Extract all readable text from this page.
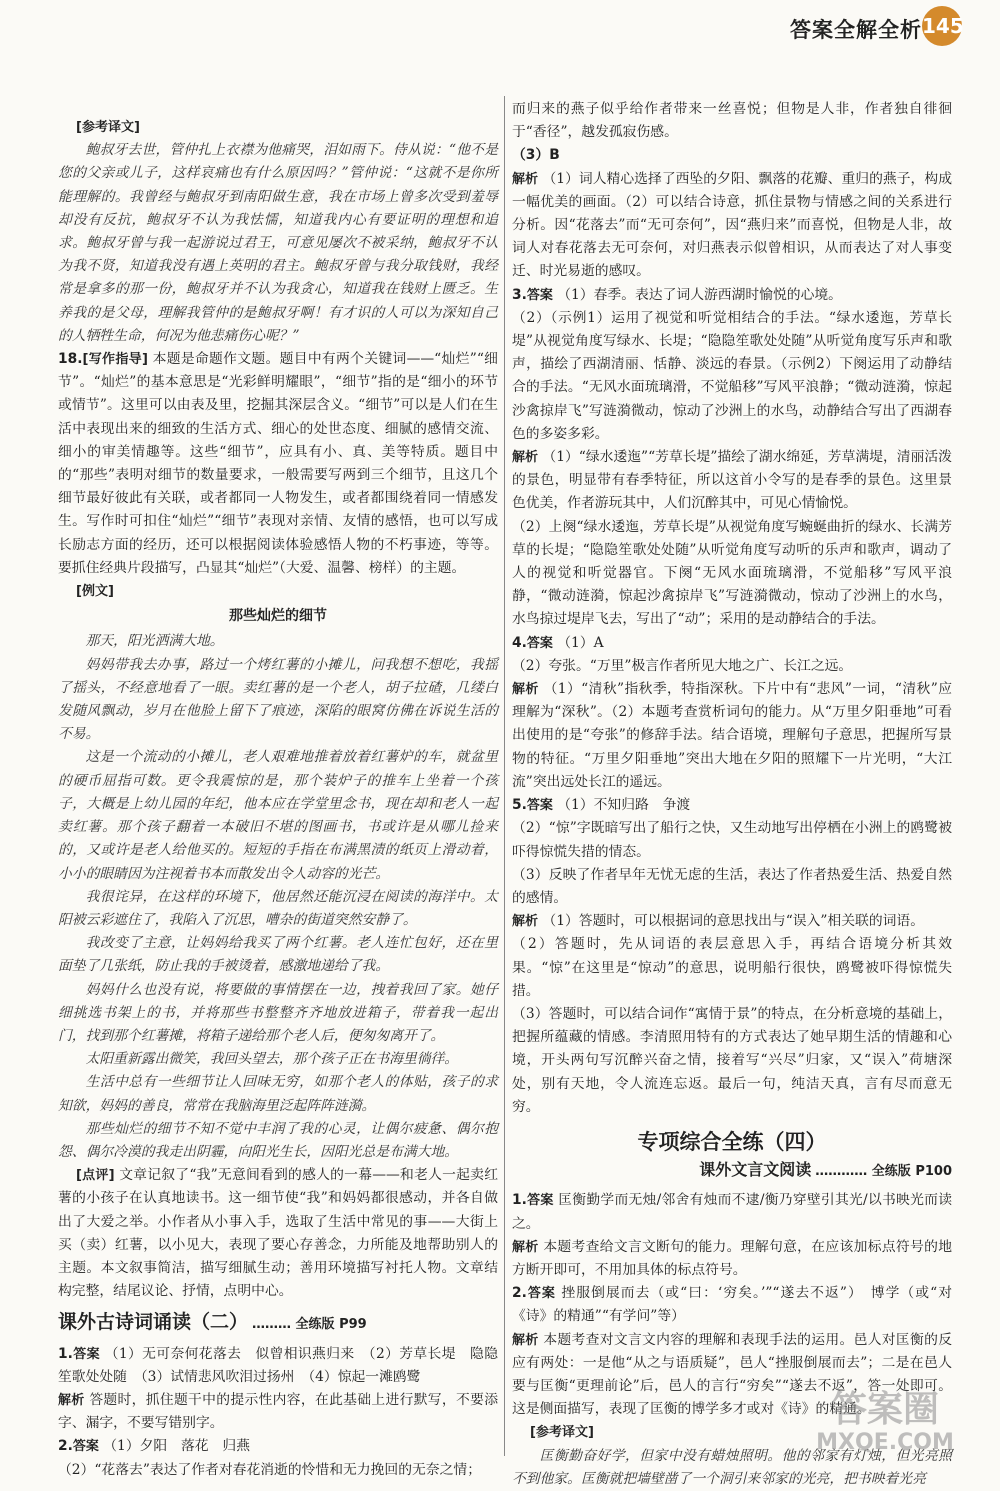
答案全解全析 145

[参考译文]

鲍叔牙去世，管仲扎上衣襟为他痛哭，泪如雨下。侍从说：“他不是您的父亲或儿子，这样哀痛也有什么原因吗？”管仲说：“这就不是你所能理解的。我曾经与鲍叔牙到南阳做生意，我在市场上曾多次受到羞辱却没有反抗，鲍叔牙不认为我怯懦，知道我内心有要证明的理想和追求。鲍叔牙曾与我一起游说过君王，可意见屡次不被采纳，鲍叔牙不认为我不贤，知道我没有遇上英明的君主。鲍叔牙曾与我分取钱财，我经常是拿多的那一份，鲍叔牙并不认为我贪心，知道我在钱财上匮乏。生养我的是父母，理解我管仲的是鲍叔牙啊！有才识的人可以为深知自己的人牺牲生命，何况为他悲痛伤心呢？”

18.[写作指导] 本题是命题作文题。题目中有两个关键词——“灿烂”“细节”。“灿烂”的基本意思是“光彩鲜明耀眼”，“细节”指的是“细小的环节或情节”。这里可以由表及里，挖掘其深层含义。“细节”可以是人们在生活中表现出来的细致的生活方式、细心的处世态度、细腻的感情交流、细小的审美情趣等。这些“细节”，应具有小、真、美等特质。题目中的“那些”表明对细节的数量要求，一般需要写两到三个细节，且这几个细节最好彼此有关联，或者都同一人物发生，或者都围绕着同一情感发生。写作时可扣住“灿烂”“细节”表现对亲情、友情的感悟，也可以写成长励志方面的经历，还可以根据阅读体验感悟人物的不朽事迹，等等。要抓住经典片段描写，凸显其“灿烂”（大爱、温馨、榜样）的主题。

[例文]

那些灿烂的细节

那天，阳光洒满大地。

妈妈带我去办事，路过一个烤红薯的小摊儿，问我想不想吃，我摇了摇头，不经意地看了一眼。卖红薯的是一个老人，胡子拉碴，几缕白发随风飘动，岁月在他脸上留下了痕迹，深陷的眼窝仿佛在诉说生活的不易。

这是一个流动的小摊儿，老人艰难地推着放着红薯炉的车，就盆里的硬币屈指可数。更令我震惊的是，那个装炉子的推车上坐着一个孩子，大概是上幼儿园的年纪，他本应在学堂里念书，现在却和老人一起卖红薯。那个孩子翻着一本破旧不堪的图画书，书或许是从哪儿捡来的，又或许是老人给他买的。短短的手指在布满黑渍的纸页上滑动着，小小的眼睛因为注视着书本而散发出令人动容的光芒。

我很诧异，在这样的环境下，他居然还能沉浸在阅读的海洋中。太阳被云彩遮住了，我陷入了沉思，嘈杂的街道突然安静了。

我改变了主意，让妈妈给我买了两个红薯。老人连忙包好，还在里面垫了几张纸，防止我的手被烫着，感激地递给了我。

妈妈什么也没有说，将要做的事情摆在一边，拽着我回了家。她仔细挑选书架上的书，并将那些书整整齐齐地放进箱子，带着我一起出门，找到那个红薯摊，将箱子递给那个老人后，便匆匆离开了。

太阳重新露出微笑，我回头望去，那个孩子正在书海里徜徉。

生活中总有一些细节让人回味无穷，如那个老人的体贴，孩子的求知欲，妈妈的善良，常常在我脑海里泛起阵阵涟漪。

那些灿烂的细节不知不觉中丰润了我的心灵，让偶尔疲惫、偶尔抱怨、偶尔冷漠的我走出阴霾，向阳光生长，因阳光总是布满大地。

[点评] 文章记叙了“我”无意间看到的感人的一幕——和老人一起卖红薯的小孩子在认真地读书。这一细节使“我”和妈妈都很感动，并各自做出了大爱之举。小作者从小事入手，选取了生活中常见的事——大街上买（卖）红薯，以小见大，表现了要心存善念，力所能及地帮助别人的主题。本文叙事简洁，描写细腻生动；善用环境描写衬托人物。文章结构完整，结尾议论、抒情，点明中心。

课外古诗词诵读（二） ……… 全练版 P99

1.答案 （1）无可奈何花落去　似曾相识燕归来　（2）芳草长堤　隐隐笙歌处处随　（3）试情悲风吹泪过扬州　（4）惊起一滩鸥鹭

解析 答题时，抓住题干中的提示性内容，在此基础上进行默写，不要添字、漏字，不要写错别字。

2.答案 （1）夕阳　落花　归燕

（2）“花落去”表达了作者对春花消逝的怜惜和无力挽回的无奈之情；

而归来的燕子似乎给作者带来一丝喜悦；但物是人非，作者独自徘徊于“香径”，越发孤寂伤感。

（3）B

解析 （1）词人精心选择了西坠的夕阳、飘落的花瓣、重归的燕子，构成一幅优美的画面。（2）可以结合诗意，抓住景物与情感之间的关系进行分析。因“花落去”而“无可奈何”，因“燕归来”而喜悦，但物是人非，故词人对春花落去无可奈何，对归燕表示似曾相识，从而表达了对人事变迁、时光易逝的感叹。

3.答案 （1）春季。表达了词人游西湖时愉悦的心境。

（2）（示例1）运用了视觉和听觉相结合的手法。“绿水逶迤，芳草长堤”从视觉角度写绿水、长堤；“隐隐笙歌处处随”从听觉角度写乐声和歌声，描绘了西湖清丽、恬静、淡远的春景。（示例2）下阕运用了动静结合的手法。“无风水面琉璃滑，不觉船移”写风平浪静；“微动涟漪，惊起沙禽掠岸飞”写涟漪微动，惊动了沙洲上的水鸟，动静结合写出了西湖春色的多姿多彩。

解析 （1）“绿水逶迤”“芳草长堤”描绘了湖水绵延，芳草满堤，清丽活泼的景色，明显带有春季特征，所以这首小令写的是春季的景色。这里景色优美，作者游玩其中，人们沉醉其中，可见心情愉悦。

（2）上阕“绿水逶迤，芳草长堤”从视觉角度写蜿蜒曲折的绿水、长满芳草的长堤；“隐隐笙歌处处随”从听觉角度写动听的乐声和歌声，调动了人的视觉和听觉器官。下阕“无风水面琉璃滑，不觉船移”写风平浪静，“微动涟漪，惊起沙禽掠岸飞”写涟漪微动，惊动了沙洲上的水鸟，水鸟掠过堤岸飞去，写出了“动”；采用的是动静结合的手法。

4.答案 （1）A

（2）夸张。“万里”极言作者所见大地之广、长江之远。

解析 （1）“清秋”指秋季，特指深秋。下片中有“悲风”一词，“清秋”应理解为“深秋”。（2）本题考查赏析词句的能力。从“万里夕阳垂地”可看出使用的是“夸张”的修辞手法。结合语境，理解句子意思，把握所写景物的特征。“万里夕阳垂地”突出大地在夕阳的照耀下一片光明，“大江流”突出远处长江的遥远。

5.答案 （1）不知归路　争渡

（2）“惊”字既暗写出了船行之快，又生动地写出停栖在小洲上的鸥鹭被吓得惊慌失措的情态。

（3）反映了作者早年无忧无虑的生活，表达了作者热爱生活、热爱自然的感情。

解析 （1）答题时，可以根据词的意思找出与“误入”相关联的词语。

（2）答题时，先从词语的表层意思入手，再结合语境分析其效果。“惊”在这里是“惊动”的意思，说明船行很快，鸥鹭被吓得惊慌失措。

（3）答题时，可以结合词作“寓情于景”的特点，在分析意境的基础上，把握所蕴藏的情感。李清照用特有的方式表达了她早期生活的情趣和心境，开头两句写沉醉兴奋之情，接着写“兴尽”归家，又“误入”荷塘深处，别有天地，令人流连忘返。最后一句，纯洁天真，言有尽而意无穷。

专项综合全练（四）
课外文言文阅读 ………… 全练版 P100

1.答案 匡衡勤学而无烛/邻舍有烛而不逮/衡乃穿壁引其光/以书映光而读之。

解析 本题考查给文言文断句的能力。理解句意，在应该加标点符号的地方断开即可，不用加具体的标点符号。

2.答案 挫服倒展而去（或“曰：‘穷矣。’”“遂去不返”）　博学（或“对《诗》的精通”“有学问”等）

解析 本题考查对文言文内容的理解和表现手法的运用。邑人对匡衡的反应有两处：一是他“从之与语质疑”，邑人“挫服倒展而去”；二是在邑人要与匡衡“更理前论”后，邑人的言行“穷矣”“遂去不返”，答一处即可。这是侧面描写，表现了匡衡的博学多才或对《诗》的精通。

[参考译文]

匡衡勤奋好学，但家中没有蜡烛照明。他的邻家有灯烛，但光亮照不到他家。匡衡就把墙壁凿了一个洞引来邻家的光亮，把书映着光亮

答案圈
MXQE.COM
